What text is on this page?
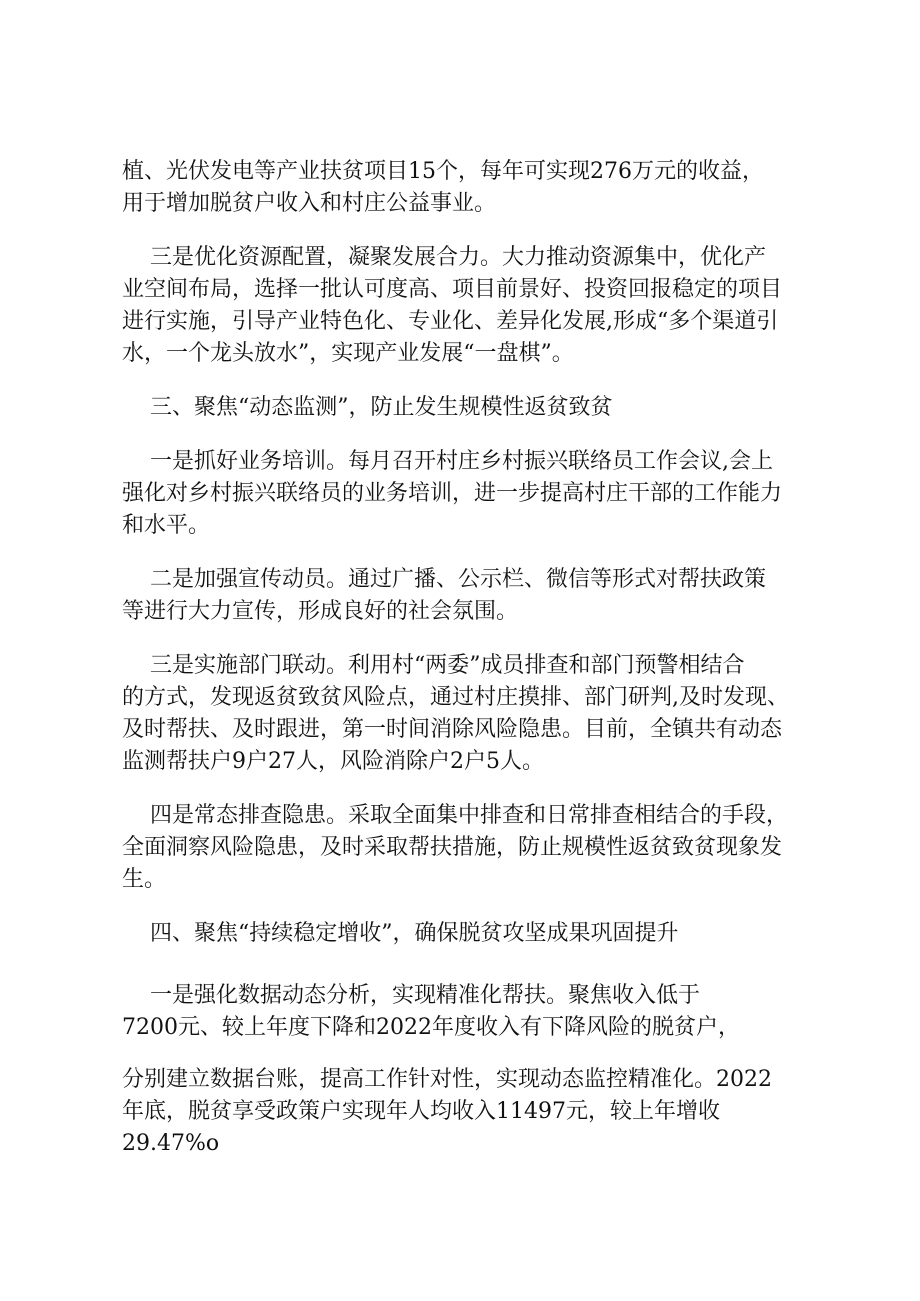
植、光伏发电等产业扶贫项目15个，每年可实现276万元的收益，
用于增加脱贫户收入和村庄公益事业。

三是优化资源配置，凝聚发展合力。大力推动资源集中，优化产
业空间布局，选择一批认可度高、项目前景好、投资回报稳定的项目
进行实施，引导产业特色化、专业化、差异化发展,形成“多个渠道引
水，一个龙头放水”，实现产业发展“一盘棋”。

三、聚焦“动态监测”，防止发生规模性返贫致贫

一是抓好业务培训。每月召开村庄乡村振兴联络员工作会议,会上
强化对乡村振兴联络员的业务培训，进一步提高村庄干部的工作能力
和水平。

二是加强宣传动员。通过广播、公示栏、微信等形式对帮扶政策
等进行大力宣传，形成良好的社会氛围。

三是实施部门联动。利用村“两委”成员排查和部门预警相结合
的方式，发现返贫致贫风险点，通过村庄摸排、部门研判,及时发现、
及时帮扶、及时跟进，第一时间消除风险隐患。目前，全镇共有动态
监测帮扶户9户27人，风险消除户2户5人。

四是常态排查隐患。采取全面集中排查和日常排查相结合的手段，
全面洞察风险隐患，及时采取帮扶措施，防止规模性返贫致贫现象发
生。

四、聚焦“持续稳定增收”，确保脱贫攻坚成果巩固提升

一是强化数据动态分析，实现精准化帮扶。聚焦收入低于
7200元、较上年度下降和2022年度收入有下降风险的脱贫户，

分别建立数据台账，提高工作针对性，实现动态监控精准化。2022
年底，脱贫享受政策户实现年人均收入11497元，较上年增收
29.47%o
